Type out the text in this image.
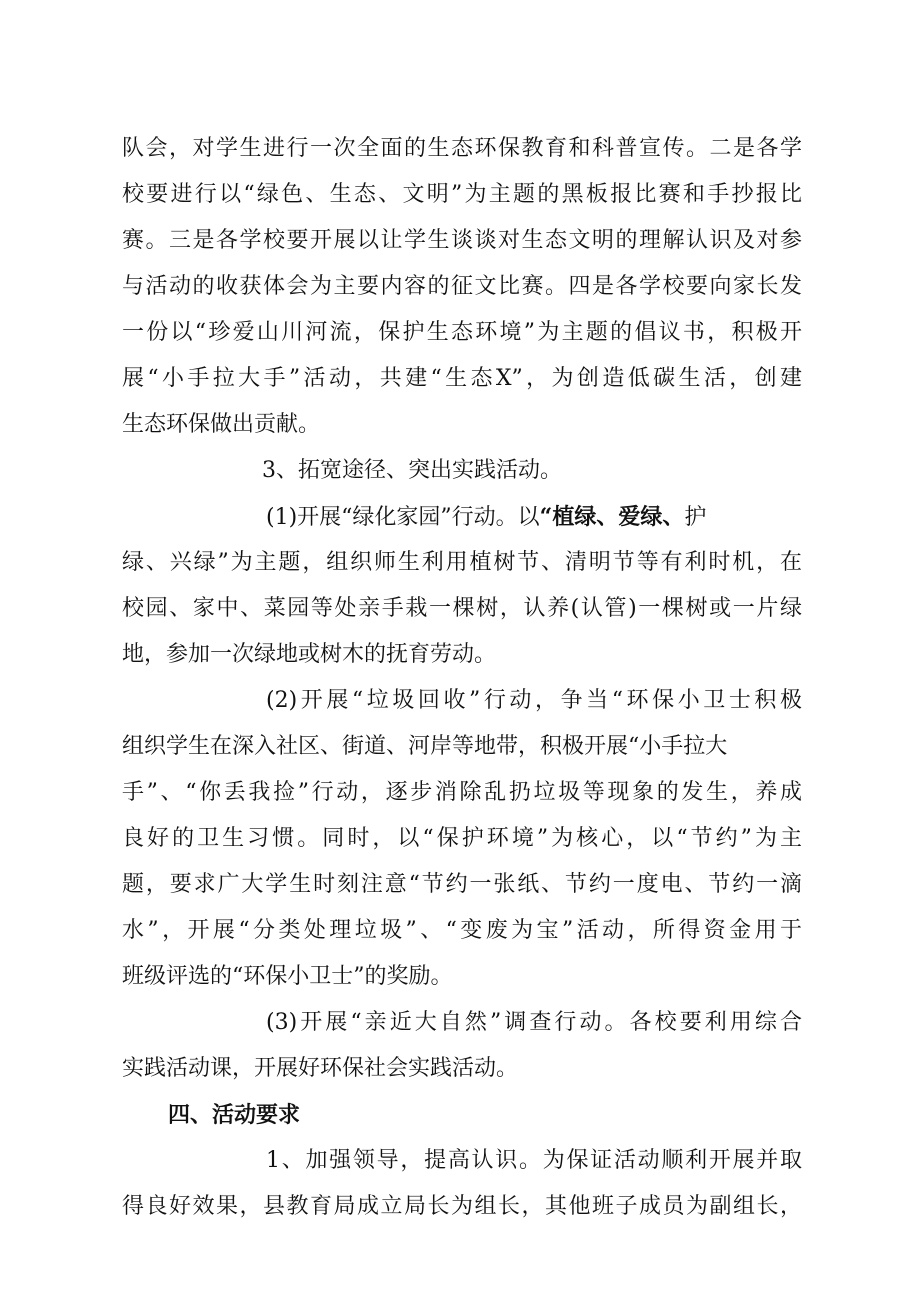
队会，对学生进行一次全面的生态环保教育和科普宣传。二是各学
校要进行以“绿色、生态、文明”为主题的黑板报比赛和手抄报比
赛。三是各学校要开展以让学生谈谈对生态文明的理解认识及对参
与活动的收获体会为主要内容的征文比赛。四是各学校要向家长发
一份以“珍爱山川河流，保护生态环境”为主题的倡议书，积极开
展“小手拉大手”活动，共建“生态X”，为创造低碳生活，创建
生态环保做出贡献。
3、拓宽途径、突出实践活动。
(1)开展“绿化家园”行动。以“植绿、爱绿、护
绿、兴绿”为主题，组织师生利用植树节、清明节等有利时机，在
校园、家中、菜园等处亲手栽一棵树，认养(认管)一棵树或一片绿
地，参加一次绿地或树木的抚育劳动。
(2)开展“垃圾回收”行动，争当“环保小卫士积极
组织学生在深入社区、街道、河岸等地带，积极开展“小手拉大
手”、“你丢我捡”行动，逐步消除乱扔垃圾等现象的发生，养成
良好的卫生习惯。同时，以“保护环境”为核心，以“节约”为主
题，要求广大学生时刻注意“节约一张纸、节约一度电、节约一滴
水”，开展“分类处理垃圾”、“变废为宝”活动，所得资金用于
班级评选的“环保小卫士”的奖励。
(3)开展“亲近大自然”调查行动。各校要利用综合
实践活动课，开展好环保社会实践活动。
四、活动要求
1、加强领导，提高认识。为保证活动顺利开展并取
得良好效果，县教育局成立局长为组长，其他班子成员为副组长，
